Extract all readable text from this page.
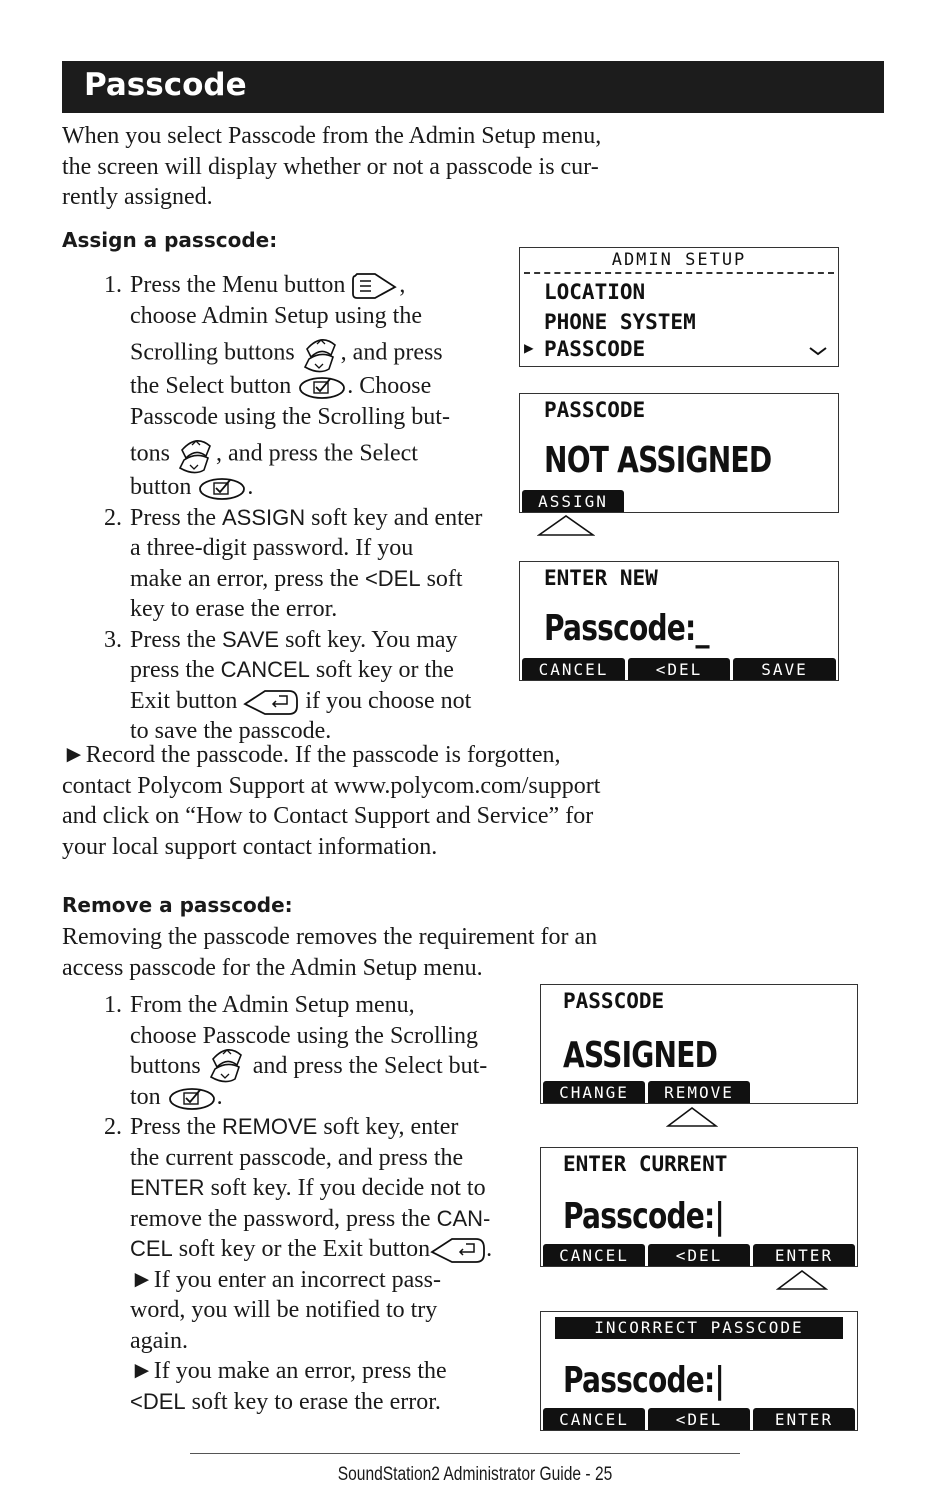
Passcode
When you select Passcode from the Admin Setup menu,
the screen will display whether or not a passcode is cur-
rently assigned.
Assign a passcode:
1. Press the Menu button ,
choose Admin Setup using the
Scrolling buttons , and press
the Select button . Choose
Passcode using the Scrolling but-
tons , and press the Select
button .
2. Press the ASSIGN soft key and enter
a three-digit password. If you
make an error, press the <DEL soft
key to erase the error.
3. Press the SAVE soft key. You may
press the CANCEL soft key or the
Exit button	if you choose not
to save the passcode.
►Record the passcode. If the passcode is forgotten,
contact Polycom Support at www.polycom.com/support
and click on “How to Contact Support and Service” for
your local support contact information.
Remove a passcode:
Removing the passcode removes the requirement for an
access passcode for the Admin Setup menu.
1. From the Admin Setup menu,
choose Passcode using the Scrolling
buttons and press the Select but-
ton .
2. Press the REMOVE soft key, enter
the current passcode, and press the
ENTER soft key. If you decide not to
remove the password, press the CAN-
CEL soft key or the Exit button .
►If you enter an incorrect pass-
word, you will be notified to try
again.
►If you make an error, press the
<DEL soft key to erase the error.
ADMIN SETUP
LOCATION
PHONE SYSTEM
▶ PASSCODE
PASSCODE
NOT ASSIGNED
ASSIGN
ENTER NEW
Passcode:_
CANCEL	<DEL	SAVE
PASSCODE
ASSIGNED
CHANGE	REMOVE
ENTER CURRENT
Passcode:|
CANCEL	<DEL	ENTER
INCORRECT PASSCODE
Passcode:|
CANCEL	<DEL	ENTER
SoundStation2 Administrator Guide - 25
